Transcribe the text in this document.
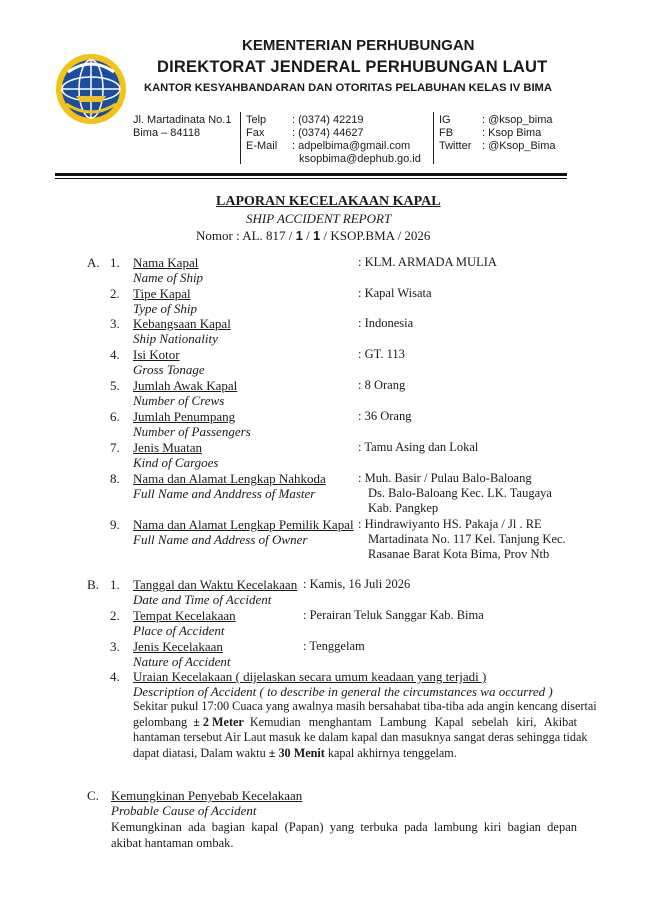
KEMENTERIAN PERHUBUNGAN
DIREKTORAT JENDERAL PERHUBUNGAN LAUT
KANTOR KESYAHBANDARAN DAN OTORITAS PELABUHAN KELAS IV BIMA
Jl. Martadinata No.1
Bima – 84118
Telp
Fax
E-Mail
: (0374) 42219
: (0374) 44627
: adpelbima@gmail.com
ksopbima@dephub.go.id
IG
FB
Twitter
: @ksop_bima
: Ksop Bima
: @Ksop_Bima
LAPORAN KECELAKAAN KAPAL
SHIP ACCIDENT REPORT
Nomor : AL. 817 / 1 / 1 / KSOP.BMA / 2026
A. 1. Nama Kapal
Name of Ship
: KLM. ARMADA MULIA
2. Tipe Kapal
Type of Ship
: Kapal Wisata
3. Kebangsaan Kapal
Ship Nationality
: Indonesia
4. Isi Kotor
Gross Tonage
: GT. 113
5. Jumlah Awak Kapal
Number of Crews
: 8 Orang
6. Jumlah Penumpang
Number of Passengers
: 36 Orang
7. Jenis Muatan
Kind of Cargoes
: Tamu Asing dan Lokal
8. Nama dan Alamat Lengkap Nahkoda
Full Name and Anddress of Master
: Muh. Basir / Pulau Balo-Baloang
Ds. Balo-Baloang Kec. LK. Taugaya
Kab. Pangkep
9. Nama dan Alamat Lengkap Pemilik Kapal
Full Name and Address of Owner
: Hindrawiyanto HS. Pakaja / Jl . RE
Martadinata No. 117 Kel. Tanjung Kec.
Rasanae Barat Kota Bima, Prov Ntb
B. 1. Tanggal dan Waktu Kecelakaan
Date and Time of Accident
: Kamis, 16 Juli 2026
2. Tempat Kecelakaan
Place of Accident
: Perairan Teluk Sanggar Kab. Bima
3. Jenis Kecelakaan
Nature of Accident
: Tenggelam
4. Uraian Kecelakaan ( dijelaskan secara umum keadaan yang terjadi )
Description of Accident ( to describe in general the circumstances wa occurred )
Sekitar pukul 17:00 Cuaca yang awalnya masih bersahabat tiba-tiba ada angin kencang disertai
gelombang ± 2 Meter Kemudian menghantam Lambung Kapal sebelah kiri, Akibat
hantaman tersebut Air Laut masuk ke dalam kapal dan masuknya sangat deras sehingga tidak
dapat diatasi, Dalam waktu ± 30 Menit kapal akhirnya tenggelam.
C. Kemungkinan Penyebab Kecelakaan
Probable Cause of Accident
Kemungkinan ada bagian kapal (Papan) yang terbuka pada lambung kiri bagian depan
akibat hantaman ombak.
